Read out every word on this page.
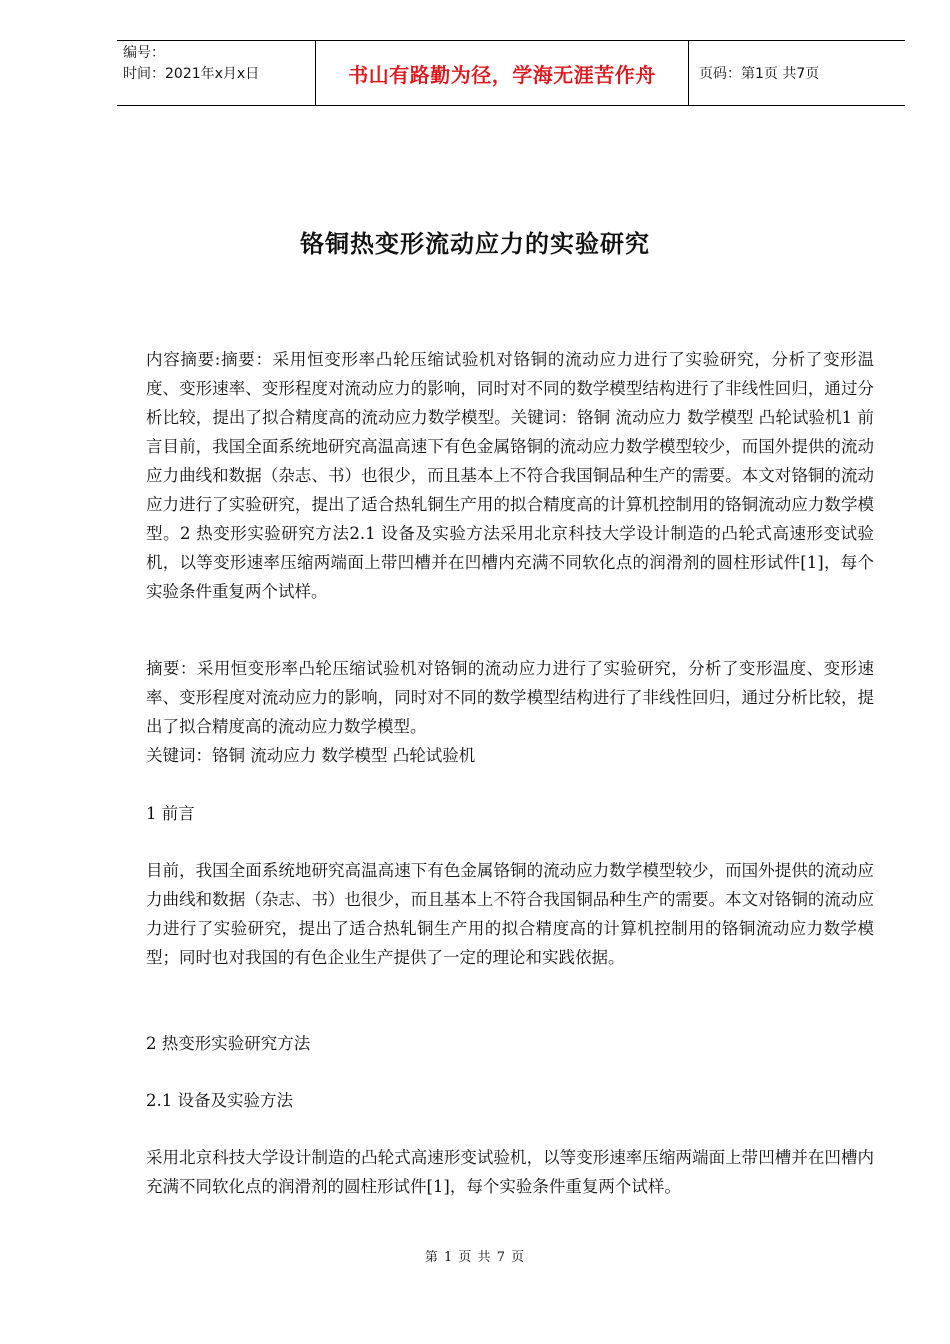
编号：
时间：2021年x月x日	书山有路勤为径，学海无涯苦作舟	页码：第1页 共7页
铬铜热变形流动应力的实验研究

内容摘要:摘要：采用恒变形率凸轮压缩试验机对铬铜的流动应力进行了实验研究，分析了变形温度、变形速率、变形程度对流动应力的影响，同时对不同的数学模型结构进行了非线性回归，通过分析比较，提出了拟合精度高的流动应力数学模型。关键词：铬铜 流动应力 数学模型 凸轮试验机1 前言目前，我国全面系统地研究高温高速下有色金属铬铜的流动应力数学模型较少，而国外提供的流动应力曲线和数据（杂志、书）也很少，而且基本上不符合我国铜品种生产的需要。本文对铬铜的流动应力进行了实验研究，提出了适合热轧铜生产用的拟合精度高的计算机控制用的铬铜流动应力数学模型。2 热变形实验研究方法2.1 设备及实验方法采用北京科技大学设计制造的凸轮式高速形变试验机，以等变形速率压缩两端面上带凹槽并在凹槽内充满不同软化点的润滑剂的圆柱形试件[1]，每个实验条件重复两个试样。

摘要：采用恒变形率凸轮压缩试验机对铬铜的流动应力进行了实验研究，分析了变形温度、变形速率、变形程度对流动应力的影响，同时对不同的数学模型结构进行了非线性回归，通过分析比较，提出了拟合精度高的流动应力数学模型。

关键词：铬铜 流动应力 数学模型 凸轮试验机

1 前言

目前，我国全面系统地研究高温高速下有色金属铬铜的流动应力数学模型较少，而国外提供的流动应力曲线和数据（杂志、书）也很少，而且基本上不符合我国铜品种生产的需要。本文对铬铜的流动应力进行了实验研究，提出了适合热轧铜生产用的拟合精度高的计算机控制用的铬铜流动应力数学模型；同时也对我国的有色企业生产提供了一定的理论和实践依据。

2 热变形实验研究方法

2.1 设备及实验方法

采用北京科技大学设计制造的凸轮式高速形变试验机，以等变形速率压缩两端面上带凹槽并在凹槽内充满不同软化点的润滑剂的圆柱形试件[1]，每个实验条件重复两个试样。

第 1 页 共 7 页
